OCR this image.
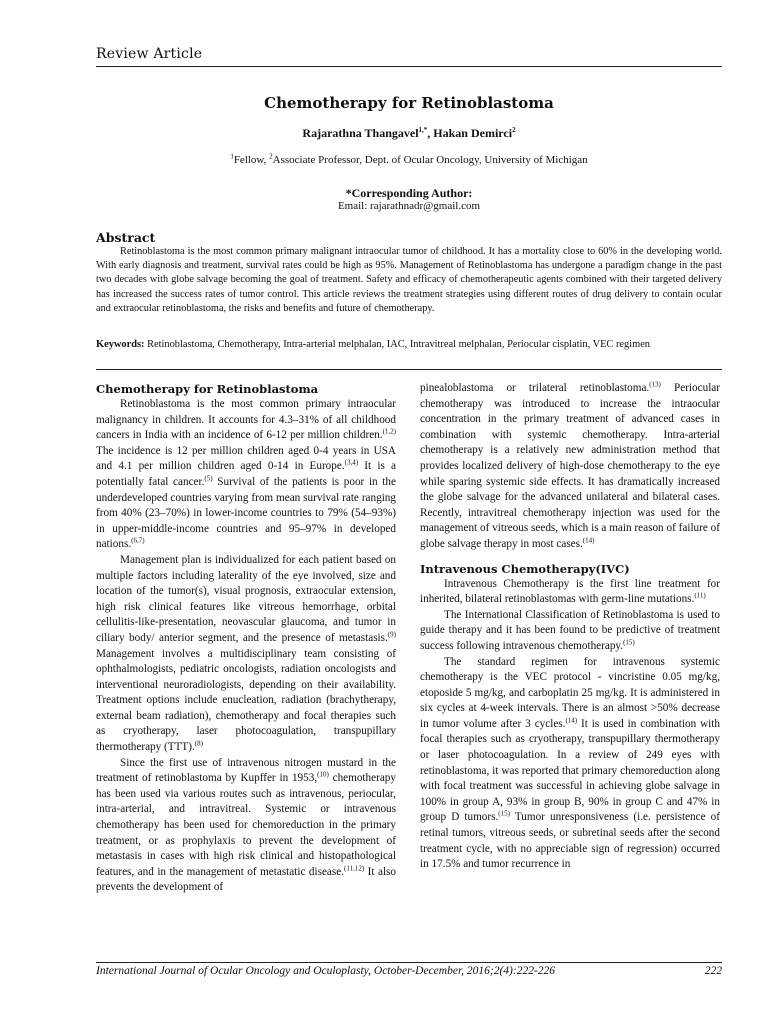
Review Article
Chemotherapy for Retinoblastoma
Rajarathna Thangavel$^{1,*}$, Hakan Demirci$^2$
$^1$Fellow, $^2$Associate Professor, Dept. of Ocular Oncology, University of Michigan
*Corresponding Author:
Email: rajarathnadr@gmail.com
Abstract
Retinoblastoma is the most common primary malignant intraocular tumor of childhood. It has a mortality close to 60% in the developing world. With early diagnosis and treatment, survival rates could be high as 95%. Management of Retinoblastoma has undergone a paradigm change in the past two decades with globe salvage becoming the goal of treatment. Safety and efficacy of chemotherapeutic agents combined with their targeted delivery has increased the success rates of tumor control. This article reviews the treatment strategies using different routes of drug delivery to contain ocular and extraocular retinoblastoma, the risks and benefits and future of chemotherapy.
Keywords: Retinoblastoma, Chemotherapy, Intra-arterial melphalan, IAC, Intravitreal melphalan, Periocular cisplatin, VEC regimen
Chemotherapy for Retinoblastoma

Retinoblastoma is the most common primary intraocular malignancy in children. It accounts for 4.3–31% of all childhood cancers in India with an incidence of 6-12 per million children.$^{(1,2)}$ The incidence is 12 per million children aged 0-4 years in USA and 4.1 per million children aged 0-14 in Europe.$^{(3,4)}$ It is a potentially fatal cancer.$^{(5)}$ Survival of the patients is poor in the underdeveloped countries varying from mean survival rate ranging from 40% (23–70%) in lower-income countries to 79% (54–93%) in upper-middle-income countries and 95–97% in developed nations.$^{(6,7)}$

Management plan is individualized for each patient based on multiple factors including laterality of the eye involved, size and location of the tumor(s), visual prognosis, extraocular extension, high risk clinical features like vitreous hemorrhage, orbital cellulitis-like-presentation, neovascular glaucoma, and tumor in ciliary body/ anterior segment, and the presence of metastasis.$^{(9)}$ Management involves a multidisciplinary team consisting of ophthalmologists, pediatric oncologists, radiation oncologists and interventional neuroradiologists, depending on their availability. Treatment options include enucleation, radiation (brachytherapy, external beam radiation), chemotherapy and focal therapies such as cryotherapy, laser photocoagulation, transpupillary thermotherapy (TTT).$^{(8)}$

Since the first use of intravenous nitrogen mustard in the treatment of retinoblastoma by Kupffer in 1953,$^{(10)}$ chemotherapy has been used via various routes such as intravenous, periocular, intra-arterial, and intravitreal. Systemic or intravenous chemotherapy has been used for chemoreduction in the primary treatment, or as prophylaxis to prevent the development of metastasis in cases with high risk clinical and histopathological features, and in the management of metastatic disease.$^{(11,12)}$ It also prevents the development of

pinealoblastoma or trilateral retinoblastoma.$^{(13)}$ Periocular chemotherapy was introduced to increase the intraocular concentration in the primary treatment of advanced cases in combination with systemic chemotherapy. Intra-arterial chemotherapy is a relatively new administration method that provides localized delivery of high-dose chemotherapy to the eye while sparing systemic side effects. It has dramatically increased the globe salvage for the advanced unilateral and bilateral cases. Recently, intravitreal chemotherapy injection was used for the management of vitreous seeds, which is a main reason of failure of globe salvage therapy in most cases.$^{(14)}$

Intravenous Chemotherapy(IVC)

Intravenous Chemotherapy is the first line treatment for inherited, bilateral retinoblastomas with germ-line mutations.$^{(11)}$

The International Classification of Retinoblastoma is used to guide therapy and it has been found to be predictive of treatment success following intravenous chemotherapy.$^{(15)}$

The standard regimen for intravenous systemic chemotherapy is the VEC protocol - vincristine 0.05 mg/kg, etoposide 5 mg/kg, and carboplatin 25 mg/kg. It is administered in six cycles at 4-week intervals. There is an almost >50% decrease in tumor volume after 3 cycles.$^{(14)}$ It is used in combination with focal therapies such as cryotherapy, transpupillary thermotherapy or laser photocoagulation. In a review of 249 eyes with retinoblastoma, it was reported that primary chemoreduction along with focal treatment was successful in achieving globe salvage in 100% in group A, 93% in group B, 90% in group C and 47% in group D tumors.$^{(15)}$ Tumor unresponsiveness (i.e. persistence of retinal tumors, vitreous seeds, or subretinal seeds after the second treatment cycle, with no appreciable sign of regression) occurred in 17.5% and tumor recurrence in

International Journal of Ocular Oncology and Oculoplasty, October-December, 2016;2(4):222-226	222
